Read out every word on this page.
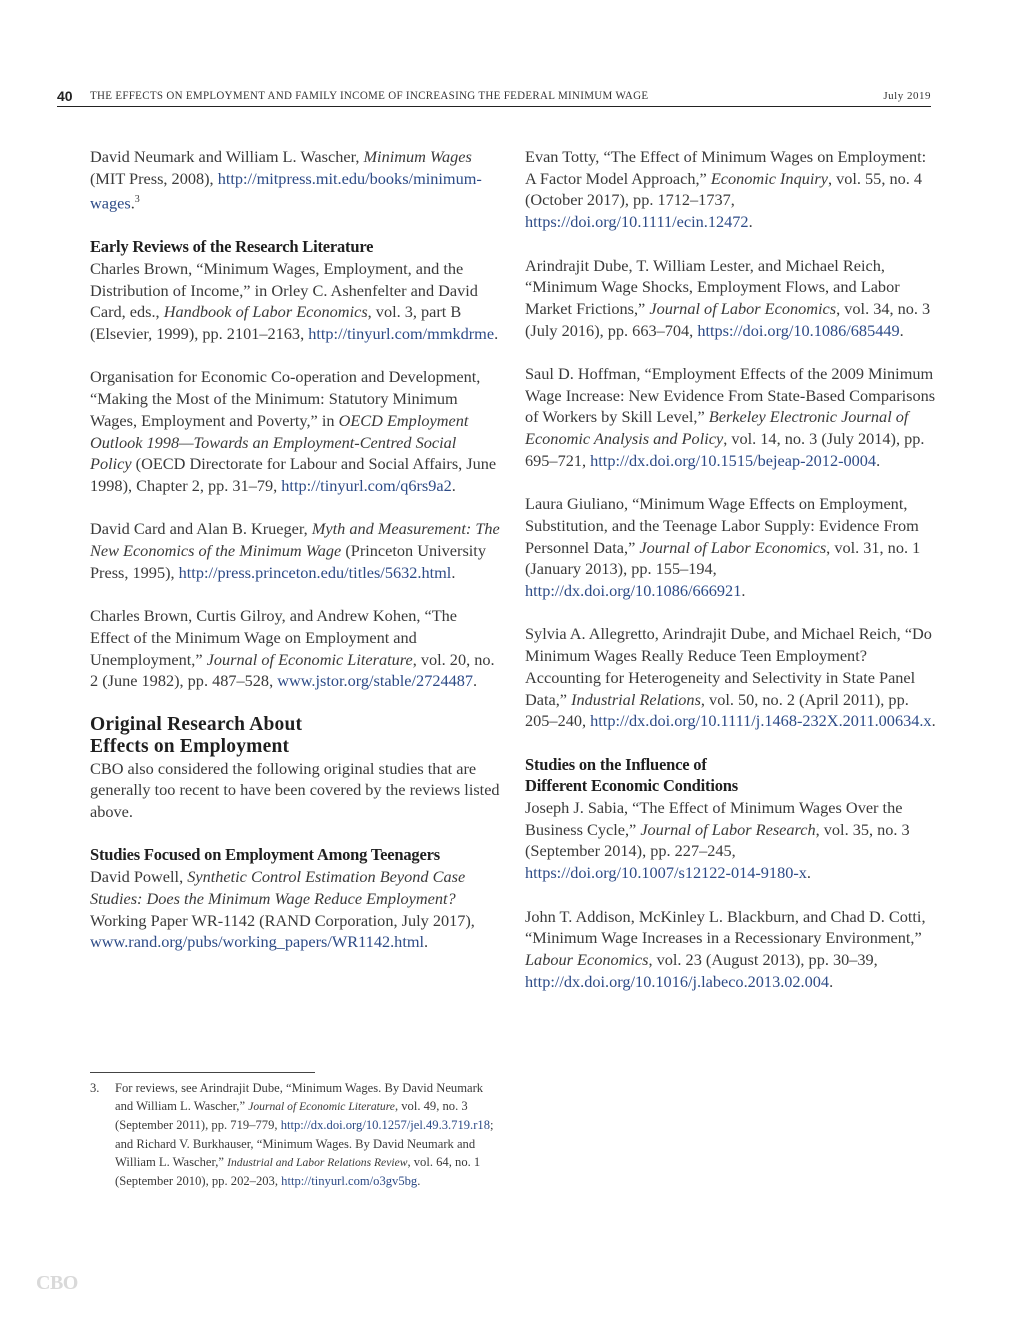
40 THE EFFECTS ON EMPLOYMENT AND FAMILY INCOME OF INCREASING THE FEDERAL MINIMUM WAGE	July 2019

David Neumark and William L. Wascher, Minimum Wages (MIT Press, 2008), http://mitpress.mit.edu/books/minimum-wages.$^3$

Early Reviews of the Research Literature

Charles Brown, “Minimum Wages, Employment, and the Distribution of Income,” in Orley C. Ashenfelter and David Card, eds., Handbook of Labor Economics, vol. 3, part B (Elsevier, 1999), pp. 2101–2163, http://tinyurl.com/mmkdrme.

Organisation for Economic Co-operation and Development, “Making the Most of the Minimum: Statutory Minimum Wages, Employment and Poverty,” in OECD Employment Outlook 1998—Towards an Employment-Centred Social Policy (OECD Directorate for Labour and Social Affairs, June 1998), Chapter 2, pp. 31–79, http://tinyurl.com/q6rs9a2.

David Card and Alan B. Krueger, Myth and Measurement: The New Economics of the Minimum Wage (Princeton University Press, 1995), http://press.princeton.edu/titles/5632.html.

Charles Brown, Curtis Gilroy, and Andrew Kohen, “The Effect of the Minimum Wage on Employment and Unemployment,” Journal of Economic Literature, vol. 20, no. 2 (June 1982), pp. 487–528, www.jstor.org/stable/2724487.

Original Research About
Effects on Employment

CBO also considered the following original studies that are generally too recent to have been covered by the reviews listed above.

Studies Focused on Employment Among Teenagers

David Powell, Synthetic Control Estimation Beyond Case Studies: Does the Minimum Wage Reduce Employment? Working Paper WR-1142 (RAND Corporation, July 2017), www.rand.org/pubs/working_papers/WR1142.html.

Evan Totty, “The Effect of Minimum Wages on Employment: A Factor Model Approach,” Economic Inquiry, vol. 55, no. 4 (October 2017), pp. 1712–1737, https://doi.org/10.1111/ecin.12472.

Arindrajit Dube, T. William Lester, and Michael Reich, “Minimum Wage Shocks, Employment Flows, and Labor Market Frictions,” Journal of Labor Economics, vol. 34, no. 3 (July 2016), pp. 663–704, https://doi.org/10.1086/685449.

Saul D. Hoffman, “Employment Effects of the 2009 Minimum Wage Increase: New Evidence From State-Based Comparisons of Workers by Skill Level,” Berkeley Electronic Journal of Economic Analysis and Policy, vol. 14, no. 3 (July 2014), pp. 695–721, http://dx.doi.org/10.1515/bejeap-2012-0004.

Laura Giuliano, “Minimum Wage Effects on Employment, Substitution, and the Teenage Labor Supply: Evidence From Personnel Data,” Journal of Labor Economics, vol. 31, no. 1 (January 2013), pp. 155–194, http://dx.doi.org/10.1086/666921.

Sylvia A. Allegretto, Arindrajit Dube, and Michael Reich, “Do Minimum Wages Really Reduce Teen Employment? Accounting for Heterogeneity and Selectivity in State Panel Data,” Industrial Relations, vol. 50, no. 2 (April 2011), pp. 205–240, http://dx.doi.org/10.1111/j.1468-232X.2011.00634.x.

Studies on the Influence of
Different Economic Conditions

Joseph J. Sabia, “The Effect of Minimum Wages Over the Business Cycle,” Journal of Labor Research, vol. 35, no. 3 (September 2014), pp. 227–245, https://doi.org/10.1007/s12122-014-9180-x.

John T. Addison, McKinley L. Blackburn, and Chad D. Cotti, “Minimum Wage Increases in a Recessionary Environment,” Labour Economics, vol. 23 (August 2013), pp. 30–39, http://dx.doi.org/10.1016/j.labeco.2013.02.004.

3. For reviews, see Arindrajit Dube, “Minimum Wages. By David Neumark and William L. Wascher,” Journal of Economic Literature, vol. 49, no. 3 (September 2011), pp. 719–779, http://dx.doi.org/10.1257/jel.49.3.719.r18; and Richard V. Burkhauser, “Minimum Wages. By David Neumark and William L. Wascher,” Industrial and Labor Relations Review, vol. 64, no. 1 (September 2010), pp. 202–203, http://tinyurl.com/o3gv5bg.
CBO
